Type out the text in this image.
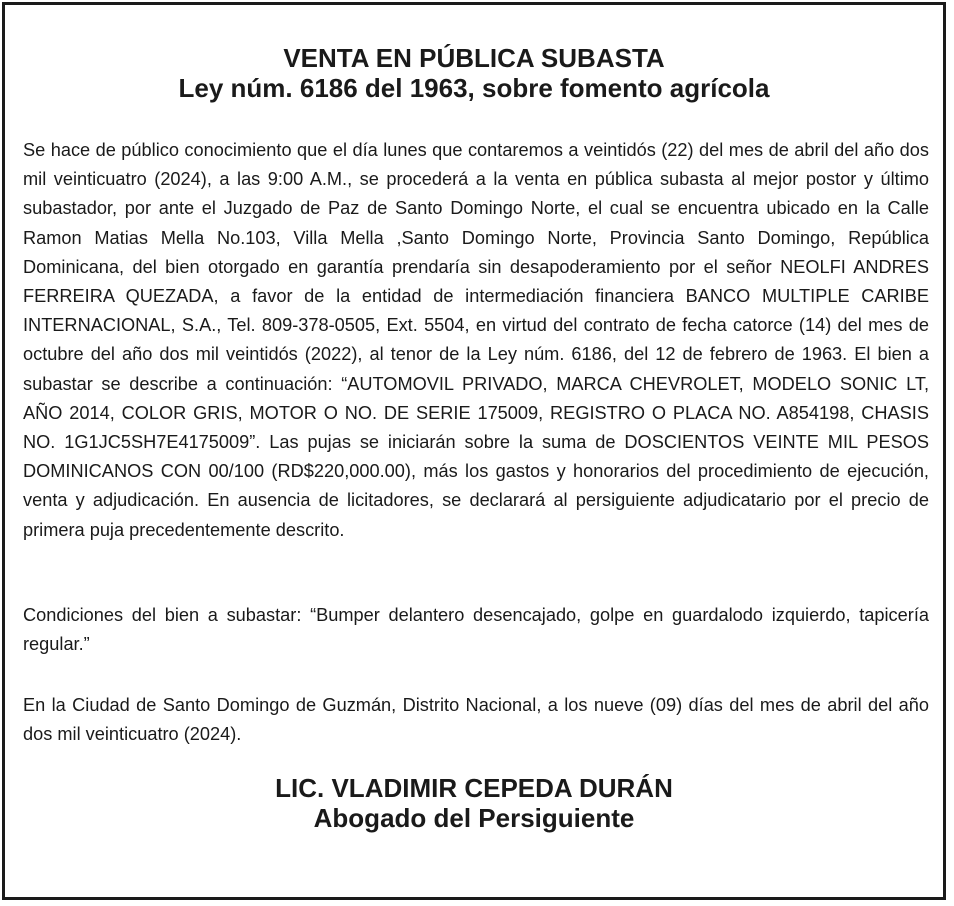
VENTA EN PÚBLICA SUBASTA
Ley núm. 6186 del 1963, sobre fomento agrícola

Se hace de público conocimiento que el día lunes que contaremos a veintidós (22) del mes de abril del año dos mil veinticuatro (2024), a las 9:00 A.M., se procederá a la venta en pública subasta al mejor postor y último subastador, por ante el Juzgado de Paz de Santo Domingo Norte, el cual se encuentra ubicado en la Calle Ramon Matias Mella No.103, Villa Mella ,Santo Domingo Norte, Provincia Santo Domingo, República Dominicana, del bien otorgado en garantía prendaría sin desapoderamiento por el señor NEOLFI ANDRES FERREIRA QUEZADA, a favor de la entidad de intermediación financiera BANCO MULTIPLE CARIBE INTERNACIONAL, S.A., Tel. 809-378-0505, Ext. 5504, en virtud del contrato de fecha catorce (14) del mes de octubre del año dos mil veintidós (2022), al tenor de la Ley núm. 6186, del 12 de febrero de 1963. El bien a subastar se describe a continuación: “AUTOMOVIL PRIVADO, MARCA CHEVROLET, MODELO SONIC LT, AÑO 2014, COLOR GRIS, MOTOR O NO. DE SERIE 175009, REGISTRO O PLACA NO. A854198, CHASIS NO. 1G1JC5SH7E4175009”. Las pujas se iniciarán sobre la suma de DOSCIENTOS VEINTE MIL PESOS DOMINICANOS CON 00/100 (RD$220,000.00), más los gastos y honorarios del procedimiento de ejecución, venta y adjudicación. En ausencia de licitadores, se declarará al persiguiente adjudicatario por el precio de primera puja precedentemente descrito.

Condiciones del bien a subastar: “Bumper delantero desencajado, golpe en guardalodo izquierdo, tapicería regular.”

En la Ciudad de Santo Domingo de Guzmán, Distrito Nacional, a los nueve (09) días del mes de abril del año dos mil veinticuatro (2024).

LIC. VLADIMIR CEPEDA DURÁN
Abogado del Persiguiente
